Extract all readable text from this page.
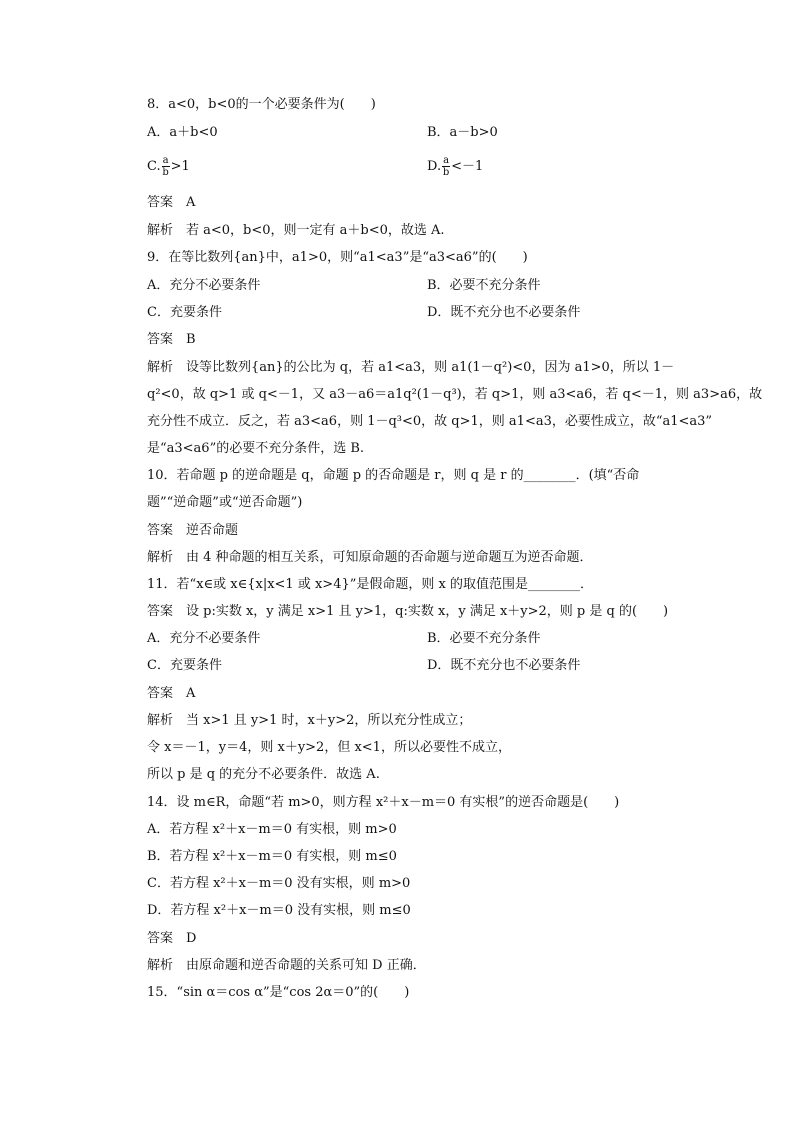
8．a<0，b<0的一个必要条件为(　　)
A．a＋b<0	B．a－b>0
C. $\frac{a}{b} >1$	D. $\frac{a}{b} <-1$
答案　A
解析　若 a<0，b<0，则一定有 a＋b<0，故选 A.
9．在等比数列{an}中，a1>0，则“a1<a3”是“a3<a6”的(　　)
A．充分不必要条件	B．必要不充分条件
C．充要条件	D．既不充分也不必要条件
答案　B
解析　设等比数列{an}的公比为 q，若 a1<a3，则 a1(1－q²)<0，因为 a1>0，所以 1－
q²<0，故 q>1 或 q<－1，又 a3－a6＝a1q²(1－q³)，若 q>1，则 a3<a6，若 q<－1，则 a3>a6，故
充分性不成立．反之，若 a3<a6，则 1－q³<0，故 q>1，则 a1<a3，必要性成立，故“a1<a3”
是“a3<a6”的必要不充分条件，选 B.
10．若命题 p 的逆命题是 q，命题 p 的否命题是 r，则 q 是 r 的________．(填“否命
题”“逆命题”或“逆否命题”)
答案　逆否命题
解析　由 4 种命题的相互关系，可知原命题的否命题与逆命题互为逆否命题．
11．若“x∈或 x∈{x|x<1 或 x>4}”是假命题，则 x 的取值范围是________．
答案　设 p:实数 x，y 满足 x>1 且 y>1，q:实数 x，y 满足 x＋y>2，则 p 是 q 的(　　)
A．充分不必要条件	B．必要不充分条件
C．充要条件	D．既不充分也不必要条件
答案　A
解析　当 x>1 且 y>1 时，x＋y>2，所以充分性成立；
令 x＝－1，y＝4，则 x＋y>2，但 x<1，所以必要性不成立，
所以 p 是 q 的充分不必要条件．故选 A.
14．设 m∈R，命题“若 m>0，则方程 x²＋x－m＝0 有实根”的逆否命题是(　　)
A．若方程 x²＋x－m＝0 有实根，则 m>0
B．若方程 x²＋x－m＝0 有实根，则 m≤0
C．若方程 x²＋x－m＝0 没有实根，则 m>0
D．若方程 x²＋x－m＝0 没有实根，则 m≤0
答案　D
解析　由原命题和逆否命题的关系可知 D 正确．
15．“sin α＝cos α”是“cos 2α＝0”的(　　)
